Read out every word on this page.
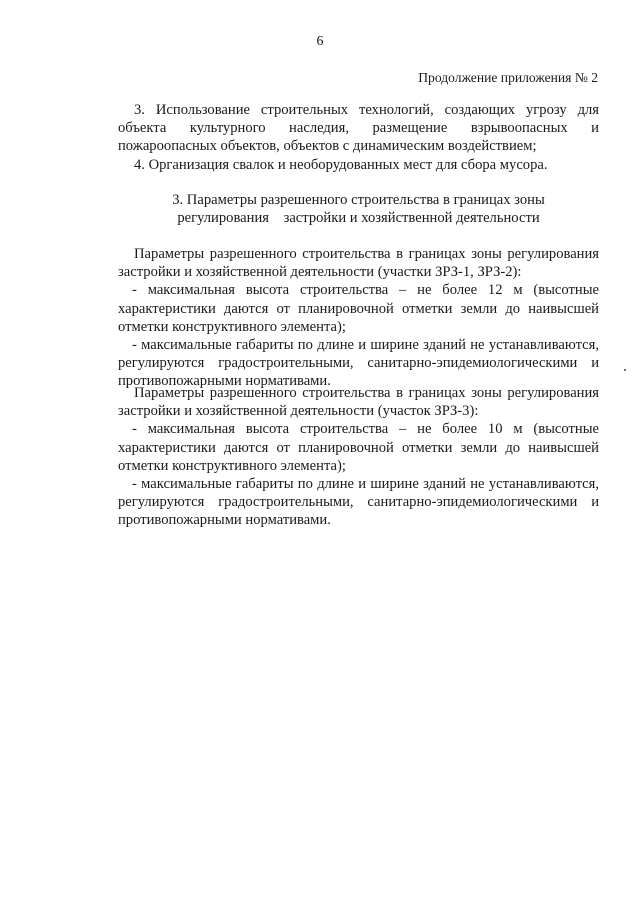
6
Продолжение приложения № 2

3. Использование строительных технологий, создающих угрозу для объекта культурного наследия, размещение взрывоопасных и пожароопасных объектов, объектов с динамическим воздействием;

4. Организация свалок и необорудованных мест для сбора мусора.

3. Параметры разрешенного строительства в границах зоны
регулирования    застройки и хозяйственной деятельности

Параметры разрешенного строительства в границах зоны регулирования застройки и хозяйственной деятельности (участки ЗРЗ-1, ЗРЗ-2):

- максимальная высота строительства – не более 12 м (высотные характеристики даются от планировочной отметки земли до наивысшей отметки конструктивного элемента);

- максимальные габариты по длине и ширине зданий не устанавливаются, регулируются градостроительными, санитарно-эпидемиологическими и противопожарными нормативами.

Параметры разрешенного строительства в границах зоны регулирования застройки и хозяйственной деятельности (участок ЗРЗ-3):

- максимальная высота строительства – не более 10 м (высотные характеристики даются от планировочной отметки земли до наивысшей отметки конструктивного элемента);

- максимальные габариты по длине и ширине зданий не устанавливаются, регулируются градостроительными, санитарно-эпидемиологическими и противопожарными нормативами.
